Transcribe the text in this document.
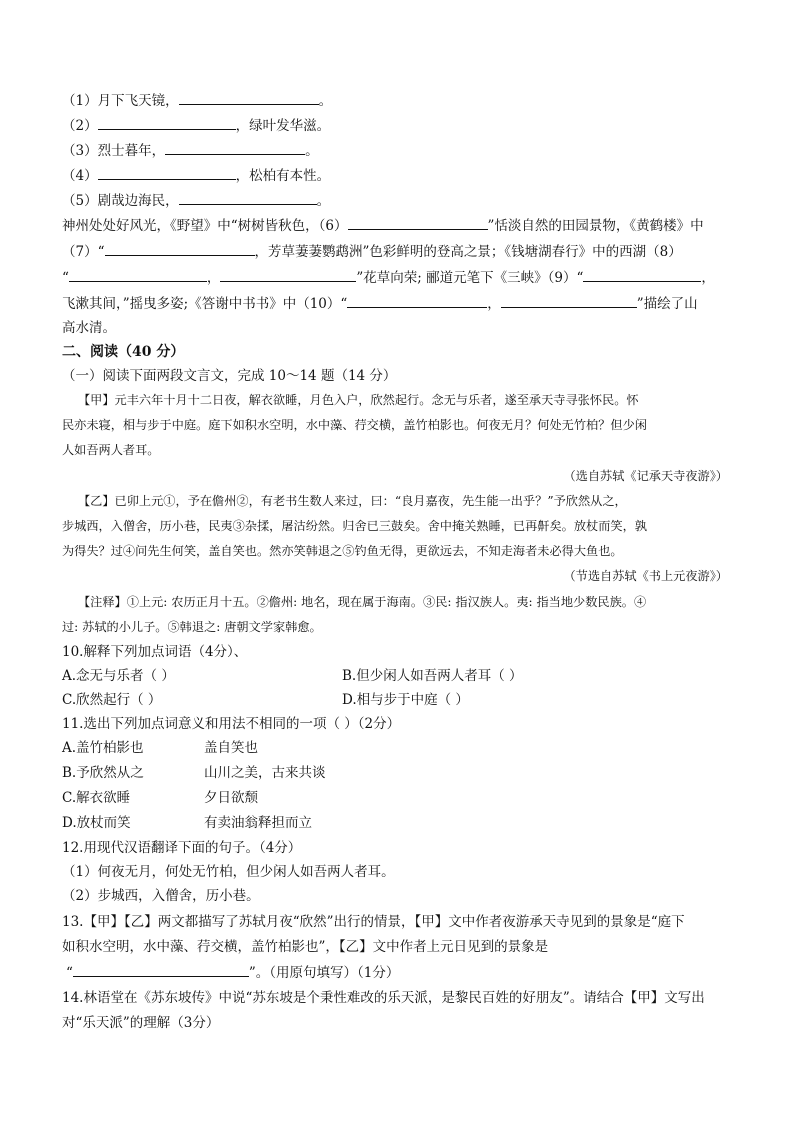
（1）月下飞天镜，	。
（2）	，绿叶发华滋。
（3）烈士暮年，	。
（4）	，松柏有本性。
（5）剧哉边海民，	。
神州处处好风光，《野望》中“树树皆秋色，（6）	”恬淡自然的田园景物，《黄鹤楼》中
（7）“	，芳草萋萋鹦鹉洲”色彩鲜明的登高之景；《钱塘湖春行》中的西湖（8）
“	，	”花草向荣; 郦道元笔下《三峡》（9）“	，
飞漱其间，”摇曳多姿;《答谢中书书》中（10）“	，	”描绘了山
高水清。
二、阅读（40 分）
（一）阅读下面两段文言文，完成 10～14 题（14 分）
【甲】元丰六年十月十二日夜，解衣欲睡，月色入户，欣然起行。念无与乐者，遂至承天寺寻张怀民。怀
民亦未寝，相与步于中庭。庭下如积水空明，水中藻、荇交横，盖竹柏影也。何夜无月？何处无竹柏？但少闲
人如吾两人者耳。
（选自苏轼《记承天寺夜游》）
【乙】已卯上元①，予在儋州②，有老书生数人来过，曰：“良月嘉夜，先生能一出乎？”予欣然从之，
步城西，入僧舍，历小巷，民夷③杂揉，屠沽纷然。归舍已三鼓矣。舍中掩关熟睡，已再鼾矣。放杖而笑，孰
为得失？过④问先生何笑，盖自笑也。然亦笑韩退之⑤钓鱼无得，更欲远去，不知走海者未必得大鱼也。
（节选自苏轼《书上元夜游》）
【注释】①上元: 农历正月十五。②儋州: 地名，现在属于海南。③民: 指汉族人。夷: 指当地少数民族。④
过: 苏轼的小儿子。⑤韩退之: 唐朝文学家韩愈。
10.解释下列加点词语（4分）、
A.念无与乐者（ ）	B.但少闲人如吾两人者耳（ ）
C.欣然起行（ ）	D.相与步于中庭（ ）
11.选出下列加点词意义和用法不相同的一项（ ）（2分）
A.盖竹柏影也	盖自笑也
B.予欣然从之	山川之美，古来共谈
C.解衣欲睡	夕日欲颓
D.放杖而笑	有卖油翁释担而立
12.用现代汉语翻译下面的句子。（4分）
（1）何夜无月，何处无竹柏，但少闲人如吾两人者耳。
（2）步城西，入僧舍，历小巷。
13.【甲】【乙】两文都描写了苏轼月夜“欣然”出行的情景，【甲】文中作者夜游承天寺见到的景象是“庭下
如积水空明，水中藻、荇交横，盖竹柏影也”，【乙】文中作者上元日见到的景象是
“	”。（用原句填写）（1分）
14.林语堂在《苏东坡传》中说“苏东坡是个秉性难改的乐天派，是黎民百姓的好朋友”。请结合【甲】文写出
对“乐天派”的理解（3分）
